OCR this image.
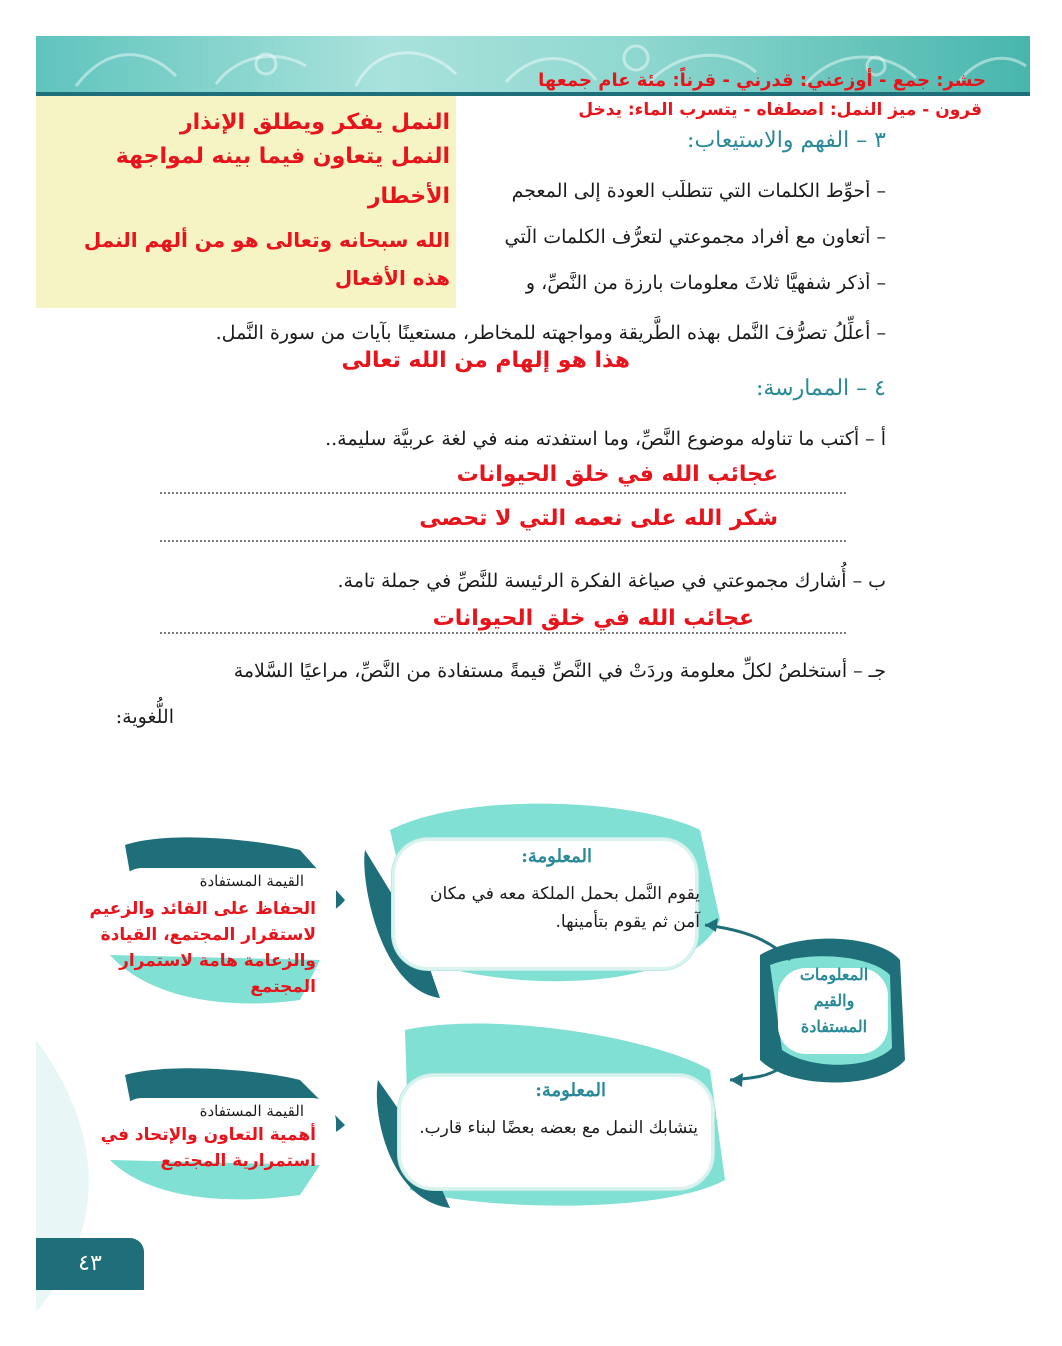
حشر: جمع - أوزعني: قدرني - قرناً: مئة عام جمعها
قرون - ميز النمل: اصطفاه - يتسرب الماء: يدخل
النمل يفكر ويطلق الإنذار
النمل يتعاون فيما بينه لمواجهة
الأخطار
الله سبحانه وتعالى هو من ألهم النمل
هذه الأفعال
٣ – الفهم والاستيعاب:
– أحوِّط الكلمات التي تتطلَّب العودة إلى المعجم
– أتعاون مع أفراد مجموعتي لتعرُّف الكلمات الّتي
– أذكر شفهيًّا ثلاثَ معلومات بارزة من النَّصِّ، و
– أعلِّلُ تصرُّفَ النَّمل بهذه الطَّريقة ومواجهته للمخاطر، مستعينًا بآيات من سورة النَّمل.
هذا هو إلهام من الله تعالى
٤ – الممارسة:
أ – أكتب ما تناوله موضوع النَّصِّ، وما استفدته منه في لغة عربيَّة سليمة..
عجائب الله في خلق الحيوانات
شكر الله على نعمه التي لا تحصى
ب – أُشارك مجموعتي في صياغة الفكرة الرئيسة للنَّصِّ في جملة تامة.
عجائب الله في خلق الحيوانات
جـ – أستخلصُ لكلِّ معلومة وردَتْ في النَّصِّ قيمةً مستفادة من النَّصِّ، مراعيًا السَّلامة
اللُّغوية:
المعلومة:
يقوم النَّمل بحمل الملكة معه في مكان آمن ثم يقوم بتأمينها.
المعلومة:
يتشابك النمل مع بعضه بعضًا لبناء قارب.
المعلومات والقيم المستفادة
القيمة المستفادة
الحفاظ على القائد والزعيم لاستقرار المجتمع، القيادة والزعامة هامة لاستمرار المجتمع
القيمة المستفادة
أهمية التعاون والإتحاد في استمرارية المجتمع
٤٣
